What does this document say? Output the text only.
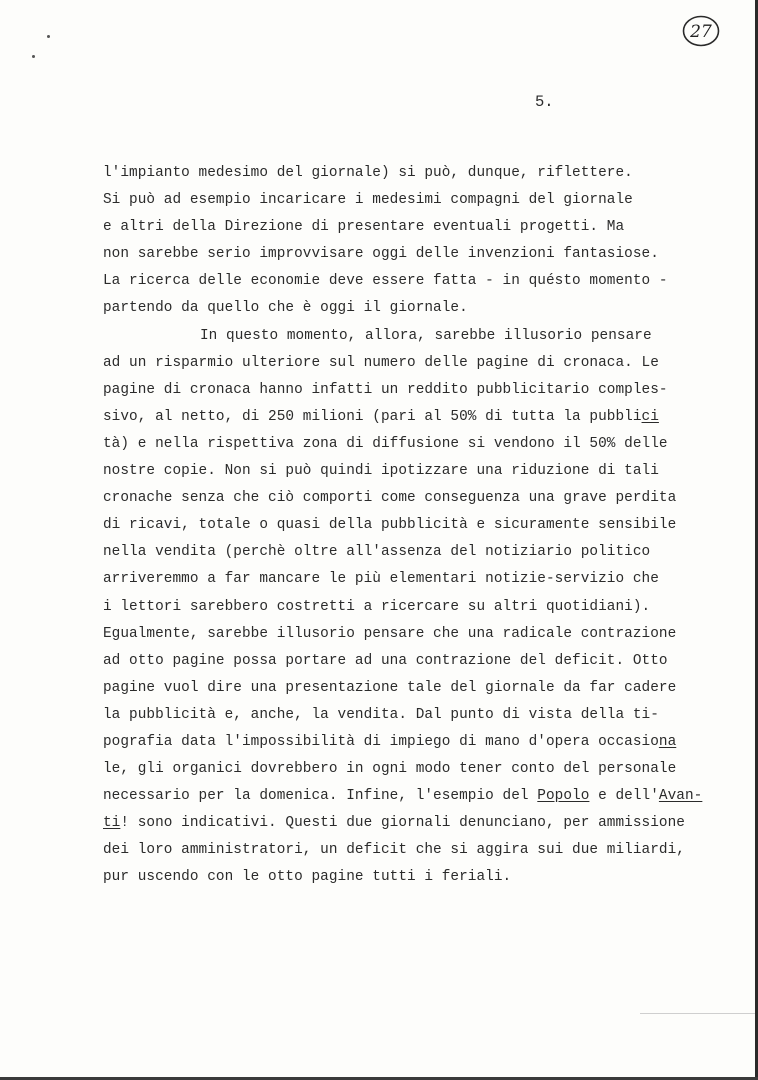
27
5.
l'impianto medesimo del giornale) si può, dunque, riflettere.
Si può ad esempio incaricare i medesimi compagni del giornale
e altri della Direzione di presentare eventuali progetti. Ma
non sarebbe serio improvvisare oggi delle invenzioni fantasiose.
La ricerca delle economie deve essere fatta - in quésto momento -
partendo da quello che è oggi il giornale.
In questo momento, allora, sarebbe illusorio pensare
ad un risparmio ulteriore sul numero delle pagine di cronaca. Le
pagine di cronaca hanno infatti un reddito pubblicitario comples-
sivo, al netto, di 250 milioni (pari al 50% di tutta la pubblici
tà) e nella rispettiva zona di diffusione si vendono il 50% delle
nostre copie. Non si può quindi ipotizzare una riduzione di tali
cronache senza che ciò comporti come conseguenza una grave perdita
di ricavi, totale o quasi della pubblicità e sicuramente sensibile
nella vendita (perchè oltre all'assenza del notiziario politico
arriveremmo a far mancare le più elementari notizie-servizio che
i lettori sarebbero costretti a ricercare su altri quotidiani).
Egualmente, sarebbe illusorio pensare che una radicale contrazione
ad otto pagine possa portare ad una contrazione del deficit. Otto
pagine vuol dire una presentazione tale del giornale da far cadere
la pubblicità e, anche, la vendita. Dal punto di vista della ti-
pografia data l'impossibilità di impiego di mano d'opera occasiona
le, gli organici dovrebbero in ogni modo tener conto del personale
necessario per la domenica. Infine, l'esempio del Popolo e dell'Avan-
ti! sono indicativi. Questi due giornali denunciano, per ammissione
dei loro amministratori, un deficit che si aggira sui due miliardi,
pur uscendo con le otto pagine tutti i feriali.
